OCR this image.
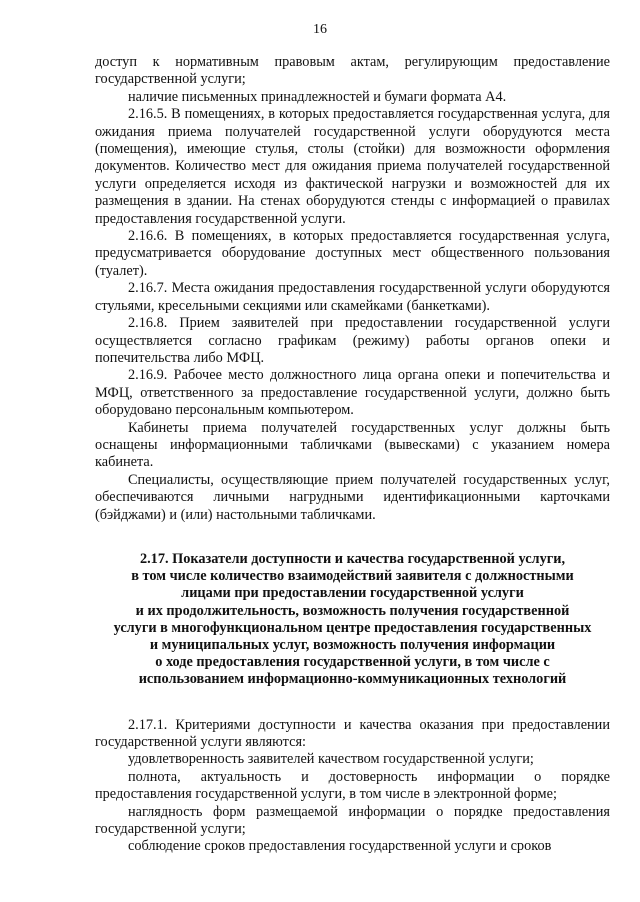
16

доступ к нормативным правовым актам, регулирующим предоставление государственной услуги;

наличие письменных принадлежностей и бумаги формата А4.

2.16.5. В помещениях, в которых предоставляется государственная услуга, для ожидания приема получателей государственной услуги оборудуются места (помещения), имеющие стулья, столы (стойки) для возможности оформления документов. Количество мест для ожидания приема получателей государственной услуги определяется исходя из фактической нагрузки и возможностей для их размещения в здании. На стенах оборудуются стенды с информацией о правилах предоставления государственной услуги.

2.16.6. В помещениях, в которых предоставляется государственная услуга, предусматривается оборудование доступных мест общественного пользования (туалет).

2.16.7. Места ожидания предоставления государственной услуги оборудуются стульями, кресельными секциями или скамейками (банкетками).

2.16.8. Прием заявителей при предоставлении государственной услуги осуществляется согласно графикам (режиму) работы органов опеки и попечительства либо МФЦ.

2.16.9. Рабочее место должностного лица органа опеки и попечительства и МФЦ, ответственного за предоставление государственной услуги, должно быть оборудовано персональным компьютером.

Кабинеты приема получателей государственных услуг должны быть оснащены информационными табличками (вывесками) с указанием номера кабинета.

Специалисты, осуществляющие прием получателей государственных услуг, обеспечиваются личными нагрудными идентификационными карточками (бэйджами) и (или) настольными табличками.

2.17. Показатели доступности и качества государственной услуги,
в том числе количество взаимодействий заявителя с должностными
лицами при предоставлении государственной услуги
и их продолжительность, возможность получения государственной
услуги в многофункциональном центре предоставления государственных
и муниципальных услуг, возможность получения информации
о ходе предоставления государственной услуги, в том числе с
использованием информационно-коммуникационных технологий

2.17.1. Критериями доступности и качества оказания при предоставлении государственной услуги являются:

удовлетворенность заявителей качеством государственной услуги;

полнота, актуальность и достоверность информации о порядке предоставления государственной услуги, в том числе в электронной форме;

наглядность форм размещаемой информации о порядке предоставления государственной услуги;

соблюдение сроков предоставления государственной услуги и сроков
